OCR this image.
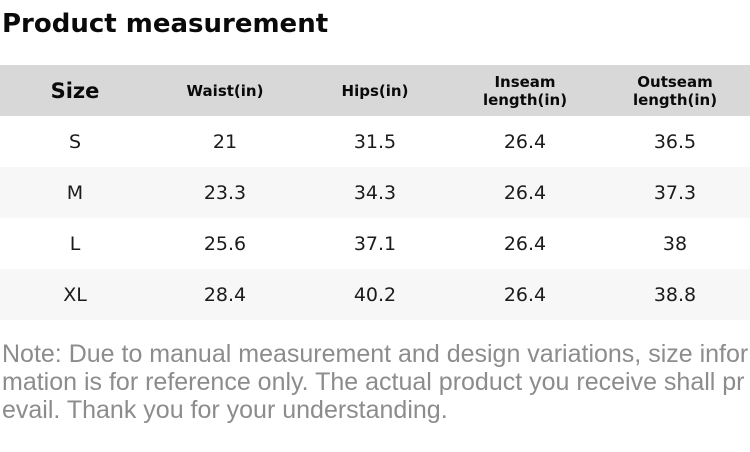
Product measurement
Size	Waist(in)	Hips(in)	Inseam length(in)	Outseam length(in)
S	21	31.5	26.4	36.5
M	23.3	34.3	26.4	37.3
L	25.6	37.1	26.4	38
XL	28.4	40.2	26.4	38.8
Note: Due to manual measurement and design variations, size information is for reference only. The actual product you receive shall prevail. Thank you for your understanding.
